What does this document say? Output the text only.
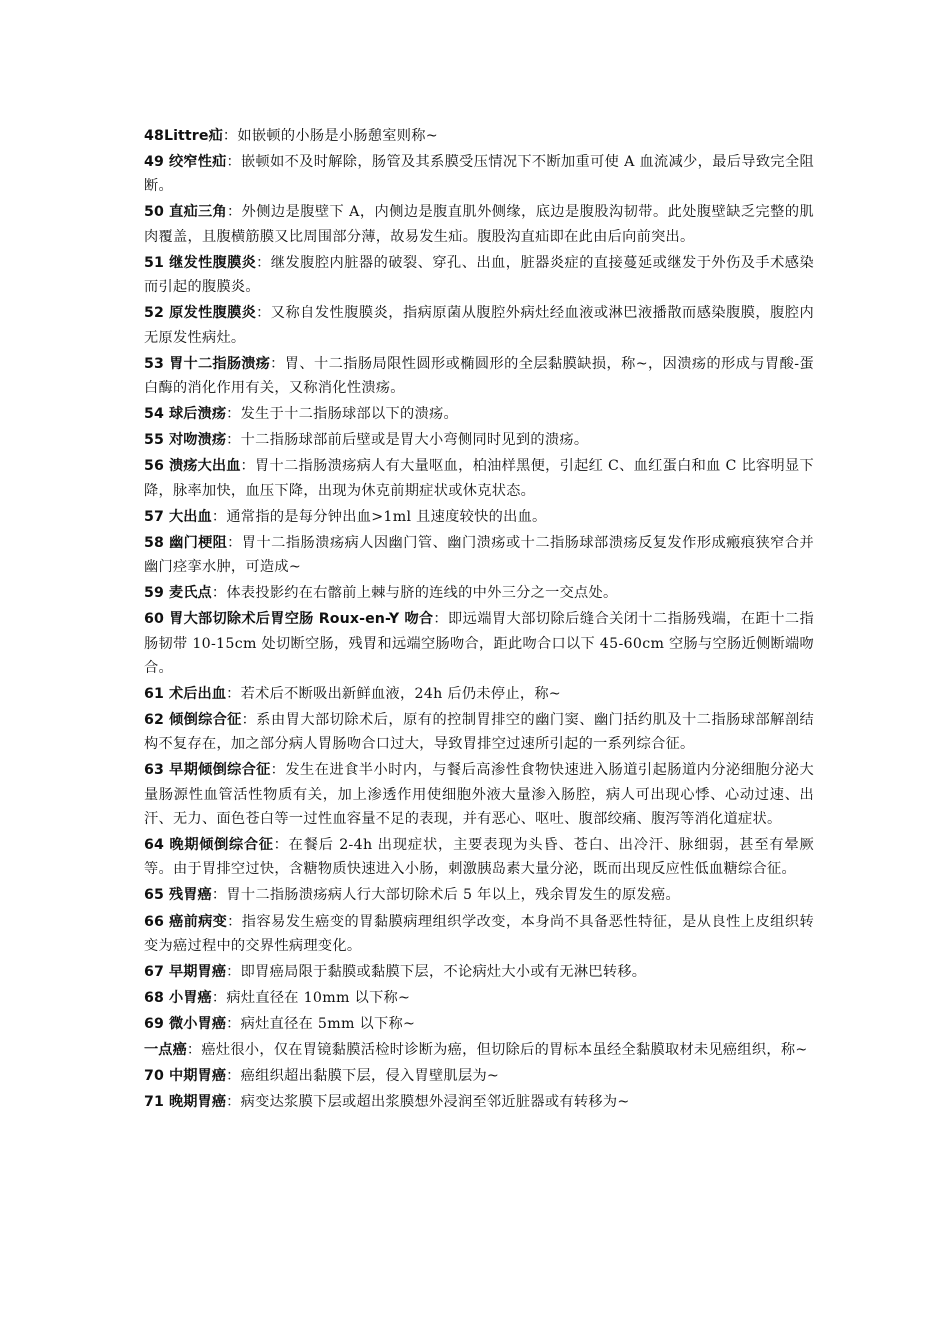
48Littre疝：如嵌顿的小肠是小肠憩室则称~

49 绞窄性疝：嵌顿如不及时解除，肠管及其系膜受压情况下不断加重可使 A 血流减少，最后导致完全阻断。

50 直疝三角：外侧边是腹壁下 A，内侧边是腹直肌外侧缘，底边是腹股沟韧带。此处腹壁缺乏完整的肌肉覆盖，且腹横筋膜又比周围部分薄，故易发生疝。腹股沟直疝即在此由后向前突出。

51 继发性腹膜炎：继发腹腔内脏器的破裂、穿孔、出血，脏器炎症的直接蔓延或继发于外伤及手术感染而引起的腹膜炎。

52 原发性腹膜炎：又称自发性腹膜炎，指病原菌从腹腔外病灶经血液或淋巴液播散而感染腹膜，腹腔内无原发性病灶。

53 胃十二指肠溃疡：胃、十二指肠局限性圆形或椭圆形的全层黏膜缺损，称~，因溃疡的形成与胃酸-蛋白酶的消化作用有关，又称消化性溃疡。

54 球后溃疡：发生于十二指肠球部以下的溃疡。

55 对吻溃疡：十二指肠球部前后壁或是胃大小弯侧同时见到的溃疡。

56 溃疡大出血：胃十二指肠溃疡病人有大量呕血，柏油样黑便，引起红 C、血红蛋白和血 C 比容明显下降，脉率加快，血压下降，出现为休克前期症状或休克状态。

57 大出血：通常指的是每分钟出血>1ml 且速度较快的出血。

58 幽门梗阻：胃十二指肠溃疡病人因幽门管、幽门溃疡或十二指肠球部溃疡反复发作形成瘢痕狭窄合并幽门痉挛水肿，可造成~

59 麦氏点：体表投影约在右髂前上棘与脐的连线的中外三分之一交点处。

60 胃大部切除术后胃空肠 Roux-en-Y 吻合：即远端胃大部切除后缝合关闭十二指肠残端，在距十二指肠韧带 10-15cm 处切断空肠，残胃和远端空肠吻合，距此吻合口以下 45-60cm 空肠与空肠近侧断端吻合。

61 术后出血：若术后不断吸出新鲜血液，24h 后仍未停止，称~

62 倾倒综合征：系由胃大部切除术后，原有的控制胃排空的幽门窦、幽门括约肌及十二指肠球部解剖结构不复存在，加之部分病人胃肠吻合口过大，导致胃排空过速所引起的一系列综合征。

63 早期倾倒综合征：发生在进食半小时内，与餐后高渗性食物快速进入肠道引起肠道内分泌细胞分泌大量肠源性血管活性物质有关，加上渗透作用使细胞外液大量渗入肠腔，病人可出现心悸、心动过速、出汗、无力、面色苍白等一过性血容量不足的表现，并有恶心、呕吐、腹部绞痛、腹泻等消化道症状。

64 晚期倾倒综合征：在餐后 2-4h 出现症状，主要表现为头昏、苍白、出冷汗、脉细弱，甚至有晕厥等。由于胃排空过快，含糖物质快速进入小肠，刺激胰岛素大量分泌，既而出现反应性低血糖综合征。

65 残胃癌：胃十二指肠溃疡病人行大部切除术后 5 年以上，残余胃发生的原发癌。

66 癌前病变：指容易发生癌变的胃黏膜病理组织学改变，本身尚不具备恶性特征，是从良性上皮组织转变为癌过程中的交界性病理变化。

67 早期胃癌：即胃癌局限于黏膜或黏膜下层，不论病灶大小或有无淋巴转移。

68 小胃癌：病灶直径在 10mm 以下称~

69 微小胃癌：病灶直径在 5mm 以下称~

一点癌：癌灶很小，仅在胃镜黏膜活检时诊断为癌，但切除后的胃标本虽经全黏膜取材未见癌组织，称~

70 中期胃癌：癌组织超出黏膜下层，侵入胃壁肌层为~

71 晚期胃癌：病变达浆膜下层或超出浆膜想外浸润至邻近脏器或有转移为~
